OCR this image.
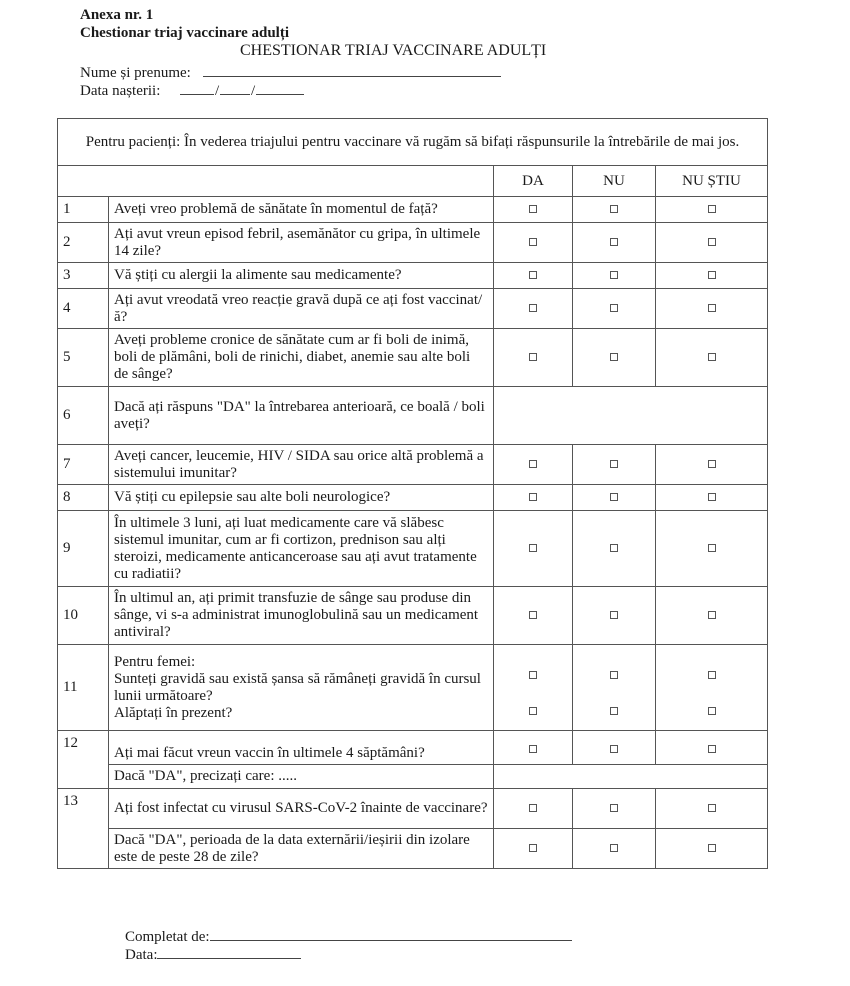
Anexa nr. 1
Chestionar triaj vaccinare adulți
CHESTIONAR TRIAJ VACCINARE ADULȚI
Nume și prenume:
Data nașterii:	/ /
Pentru pacienți: În vederea triajului pentru vaccinare vă rugăm să bifați răspunsurile la întrebările de mai jos.				
		DA	NU	NU ȘTIU
1	Aveți vreo problemă de sănătate în momentul de față?			
2	Ați avut vreun episod febril, asemănător cu gripa, în ultimele 14 zile?			
3	Vă știți cu alergii la alimente sau medicamente?			
4	Ați avut vreodată vreo reacție gravă după ce ați fost vaccinat/ă?			
5	Aveți probleme cronice de sănătate cum ar fi boli de inimă, boli de plămâni, boli de rinichi, diabet, anemie sau alte boli de sânge?			
6	Dacă ați răspuns "DA" la întrebarea anterioară, ce boală / boli aveți?			
7	Aveți cancer, leucemie, HIV / SIDA sau orice altă problemă a sistemului imunitar?			
8	Vă știți cu epilepsie sau alte boli neurologice?			
9	În ultimele 3 luni, ați luat medicamente care vă slăbesc sistemul imunitar, cum ar fi cortizon, prednison sau alți steroizi, medicamente anticanceroase sau ați avut tratamente cu radiatii?			
10	În ultimul an, ați primit transfuzie de sânge sau produse din sânge, vi s-a administrat imunoglobulină sau un medicament antiviral?			
11	Pentru femei:
Sunteți gravidă sau există șansa să rămâneți gravidă în cursul lunii următoare?
Alăptați în prezent?			

12	Ați mai făcut vreun vaccin în ultimele 4 săptămâni?			
	Dacă "DA", precizați care: .....			
13	Ați fost infectat cu virusul SARS-CoV-2 înainte de vaccinare?			
	Dacă "DA", perioada de la data externării/ieșirii din izolare este de peste 28 de zile?			
Completat de:
Data:
